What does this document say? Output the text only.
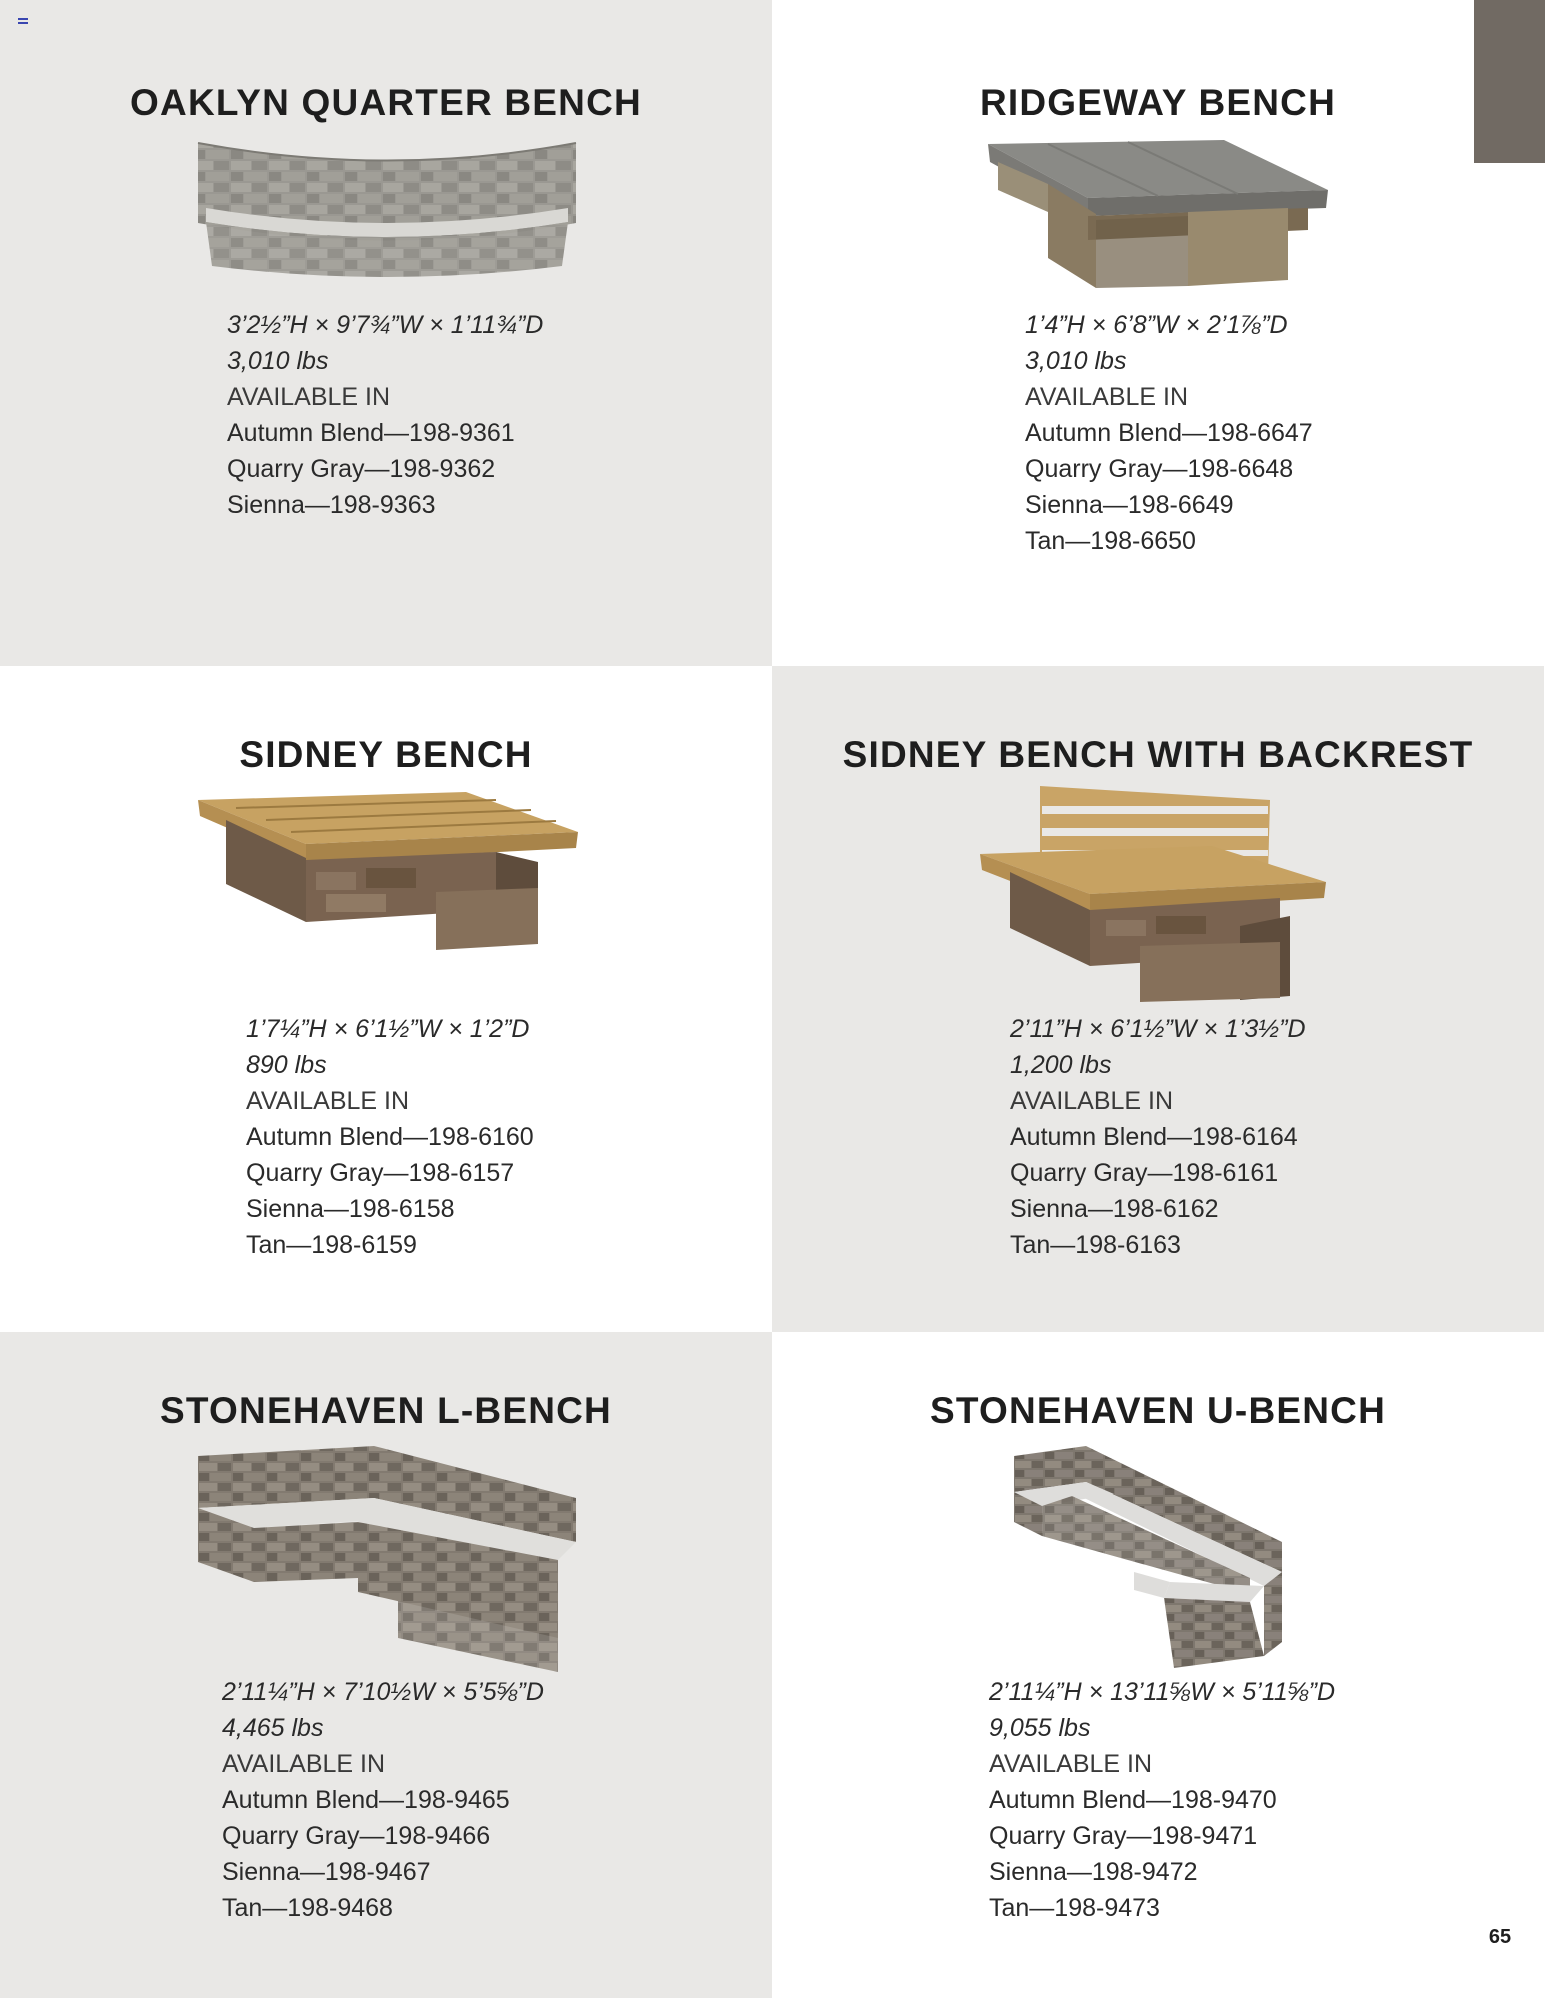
OAKLYN QUARTER BENCH
3’2½”H × 9’7¾”W × 1’11¾”D
3,010 lbs
AVAILABLE IN
Autumn Blend—198-9361
Quarry Gray—198-9362
Sienna—198-9363
RIDGEWAY BENCH
1’4”H × 6’8”W × 2’1⅞”D
3,010 lbs
AVAILABLE IN
Autumn Blend—198-6647
Quarry Gray—198-6648
Sienna—198-6649
Tan—198-6650
SIDNEY BENCH
1’7¼”H × 6’1½”W × 1’2”D
890 lbs
AVAILABLE IN
Autumn Blend—198-6160
Quarry Gray—198-6157
Sienna—198-6158
Tan—198-6159
SIDNEY BENCH WITH BACKREST
2’11”H × 6’1½”W × 1’3½”D
1,200 lbs
AVAILABLE IN
Autumn Blend—198-6164
Quarry Gray—198-6161
Sienna—198-6162
Tan—198-6163
STONEHAVEN L-BENCH
2’11¼”H × 7’10½W × 5’5⅝”D
4,465 lbs
AVAILABLE IN
Autumn Blend—198-9465
Quarry Gray—198-9466
Sienna—198-9467
Tan—198-9468
STONEHAVEN U-BENCH
2’11¼”H × 13’11⅝W × 5’11⅝”D
9,055 lbs
AVAILABLE IN
Autumn Blend—198-9470
Quarry Gray—198-9471
Sienna—198-9472
Tan—198-9473
65
